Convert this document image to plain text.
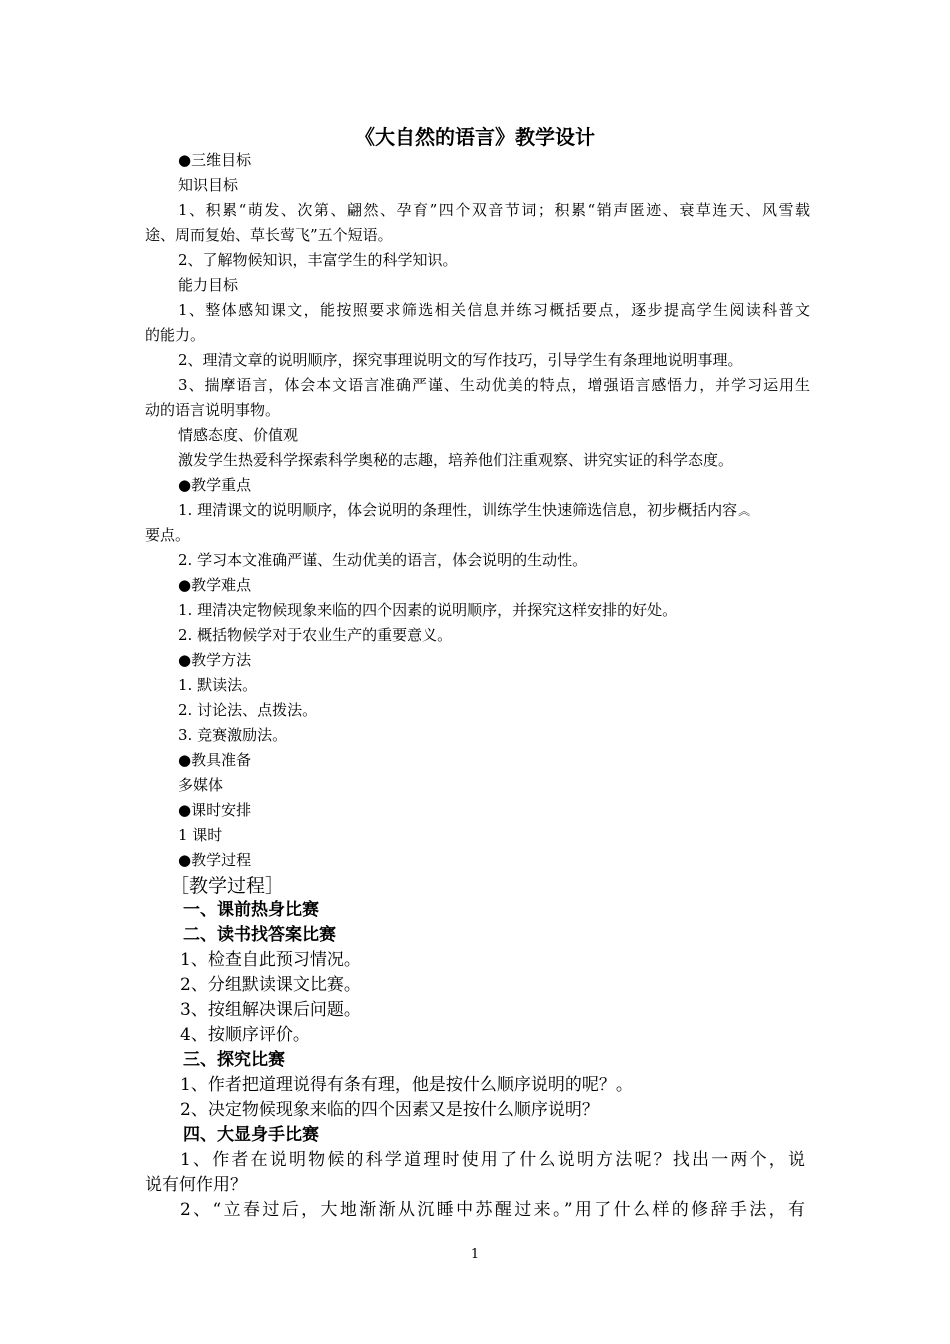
《大自然的语言》教学设计
●三维目标
知识目标
1、积累“萌发、次第、翩然、孕育”四个双音节词；积累“销声匿迹、衰草连天、风雪载
途、周而复始、草长莺飞”五个短语。
2、了解物候知识，丰富学生的科学知识。
能力目标
1、整体感知课文，能按照要求筛选相关信息并练习概括要点，逐步提高学生阅读科普文
的能力。
2、理清文章的说明顺序，探究事理说明文的写作技巧，引导学生有条理地说明事理。
3、揣摩语言，体会本文语言准确严谨、生动优美的特点，增强语言感悟力，并学习运用生
动的语言说明事物。
情感态度、价值观
激发学生热爱科学探索科学奥秘的志趣，培养他们注重观察、讲究实证的科学态度。
●教学重点
1. 理清课文的说明顺序，体会说明的条理性，训练学生快速筛选信息，初步概括内容︽
要点。
2. 学习本文准确严谨、生动优美的语言，体会说明的生动性。
●教学难点
1. 理清决定物候现象来临的四个因素的说明顺序，并探究这样安排的好处。
2. 概括物候学对于农业生产的重要意义。
●教学方法
1. 默读法。
2. 讨论法、点拨法。
3. 竞赛激励法。
●教具准备
多媒体
●课时安排
1 课时
●教学过程
［教学过程］
一、课前热身比赛
二、读书找答案比赛
1、检查自此预习情况。
2、分组默读课文比赛。
3、按组解决课后问题。
4、按顺序评价。
三、探究比赛
1、作者把道理说得有条有理，他是按什么顺序说明的呢？。
2、决定物候现象来临的四个因素又是按什么顺序说明？
四、大显身手比赛
1、作者在说明物候的科学道理时使用了什么说明方法呢？找出一两个，说
说有何作用？
2、“立春过后，大地渐渐从沉睡中苏醒过来。”用了什么样的修辞手法，有
1
